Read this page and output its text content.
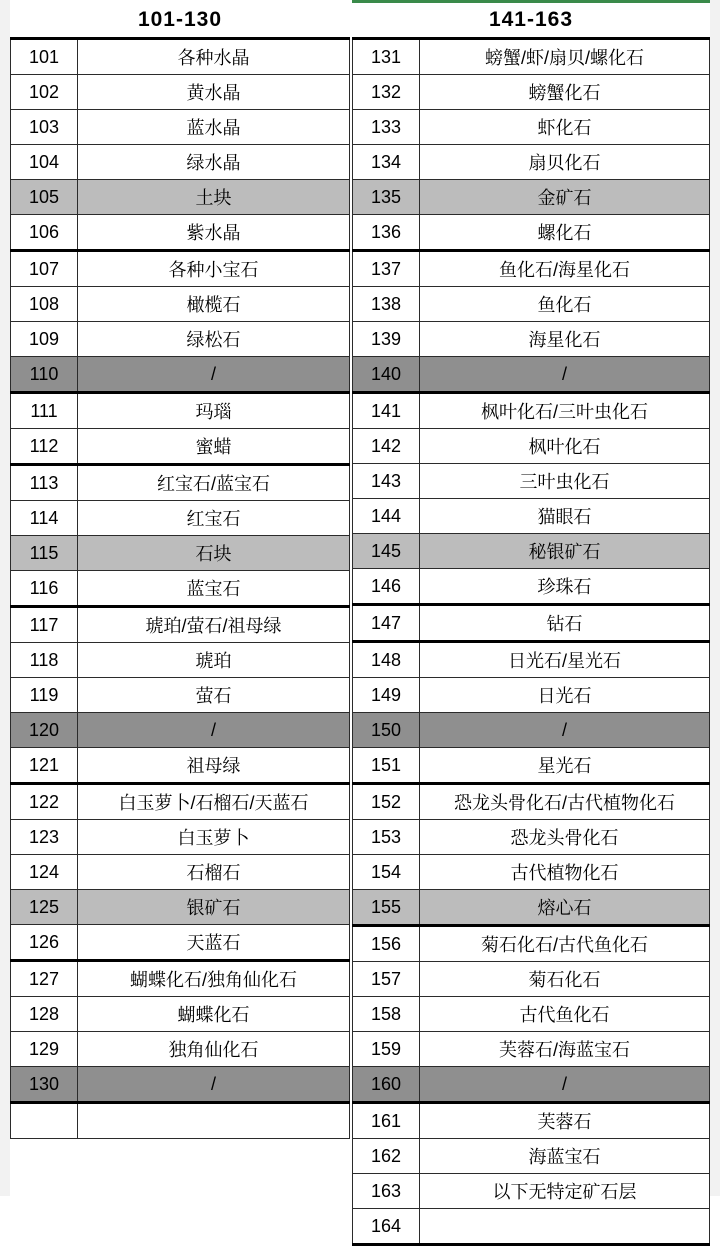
101-130
101	各种水晶
102	黄水晶
103	蓝水晶
104	绿水晶
105	土块
106	紫水晶
107	各种小宝石
108	橄榄石
109	绿松石
110	/
111	玛瑙
112	蜜蜡
113	红宝石/蓝宝石
114	红宝石
115	石块
116	蓝宝石
117	琥珀/萤石/祖母绿
118	琥珀
119	萤石
120	/
121	祖母绿
122	白玉萝卜/石榴石/天蓝石
123	白玉萝卜
124	石榴石
125	银矿石
126	天蓝石
127	蝴蝶化石/独角仙化石
128	蝴蝶化石
129	独角仙化石
130	/

141-163
131	螃蟹/虾/扇贝/螺化石
132	螃蟹化石
133	虾化石
134	扇贝化石
135	金矿石
136	螺化石
137	鱼化石/海星化石
138	鱼化石
139	海星化石
140	/
141	枫叶化石/三叶虫化石
142	枫叶化石
143	三叶虫化石
144	猫眼石
145	秘银矿石
146	珍珠石
147	钻石
148	日光石/星光石
149	日光石
150	/
151	星光石
152	恐龙头骨化石/古代植物化石
153	恐龙头骨化石
154	古代植物化石
155	熔心石
156	菊石化石/古代鱼化石
157	菊石化石
158	古代鱼化石
159	芙蓉石/海蓝宝石
160	/
161	芙蓉石
162	海蓝宝石
163	以下无特定矿石层
164	
